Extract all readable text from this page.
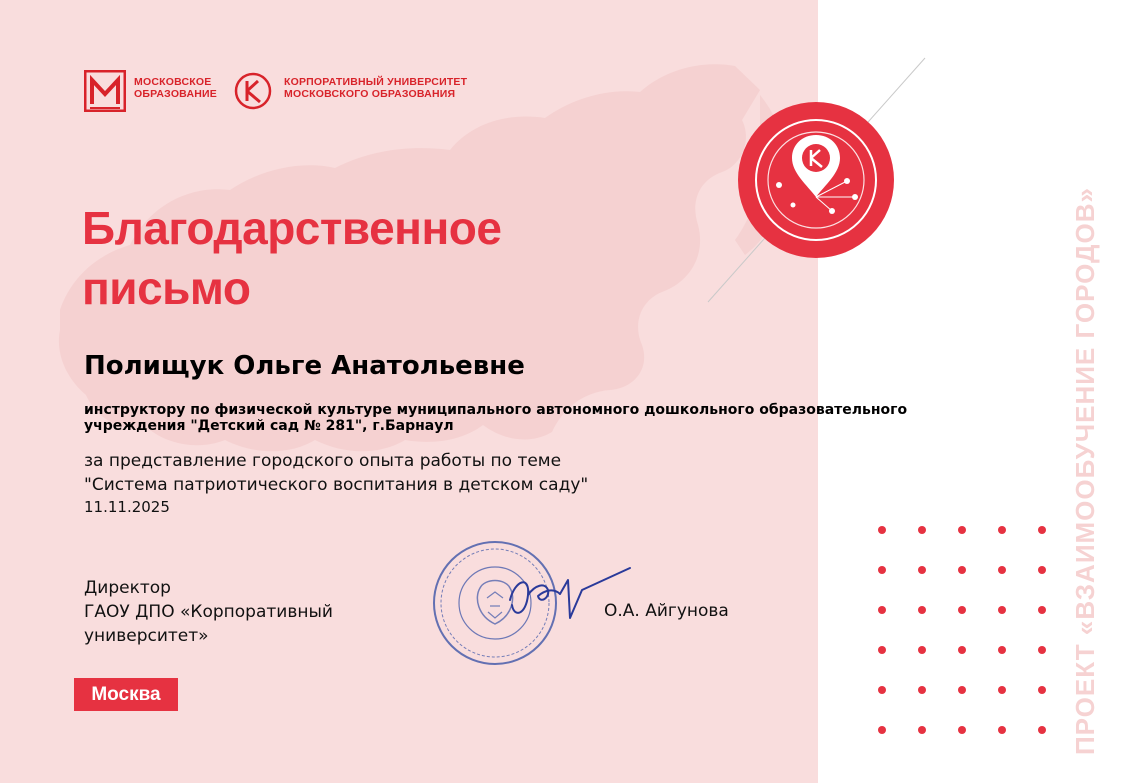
МОСКОВСКОЕ ОБРАЗОВАНИЕ
КОРПОРАТИВНЫЙ УНИВЕРСИТЕТ
МОСКОВСКОГО ОБРАЗОВАНИЯ
Благодарственное
письмо
Полищук Ольге Анатольевне
инструктору по физической культуре муниципального автономного дошкольного образовательного
учреждения "Детский сад № 281", г.Барнаул
за представление городского опыта работы по теме
"Система патриотического воспитания в детском саду"
11.11.2025
Директор
ГАОУ ДПО «Корпоративный
университет»
О.А. Айгунова
Москва	ПРОЕКТ «ВЗАИМООБУЧЕНИЕ ГОРОДОВ»
